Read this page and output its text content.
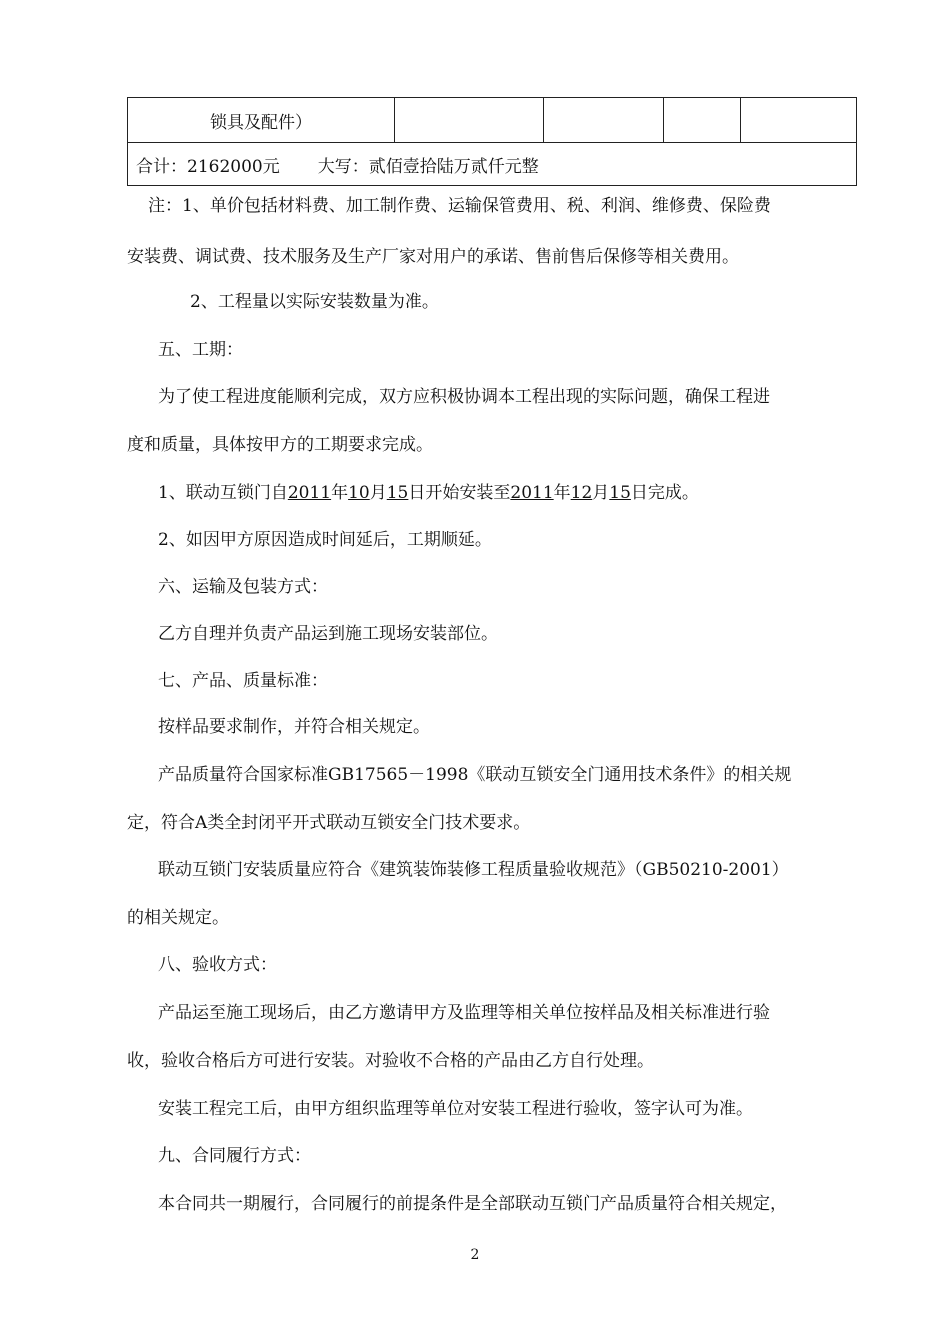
锁具及配件）				
合计：2162000元 大写：贰佰壹拾陆万贰仟元整
注：1、单价包括材料费、加工制作费、运输保管费用、税、利润、维修费、保险费
安装费、调试费、技术服务及生产厂家对用户的承诺、售前售后保修等相关费用。
2、工程量以实际安装数量为准。
五、工期：
为了使工程进度能顺利完成，双方应积极协调本工程出现的实际问题，确保工程进
度和质量，具体按甲方的工期要求完成。
1、联动互锁门自2011年10月15日开始安装至2011年12月15日完成。
2、如因甲方原因造成时间延后，工期顺延。
六、运输及包装方式：
乙方自理并负责产品运到施工现场安装部位。
七、产品、质量标准：
按样品要求制作，并符合相关规定。
产品质量符合国家标准GB17565－1998《联动互锁安全门通用技术条件》的相关规
定，符合A类全封闭平开式联动互锁安全门技术要求。
联动互锁门安装质量应符合《建筑装饰装修工程质量验收规范》（GB50210-2001）
的相关规定。
八、验收方式：
产品运至施工现场后，由乙方邀请甲方及监理等相关单位按样品及相关标准进行验
收，验收合格后方可进行安装。对验收不合格的产品由乙方自行处理。
安装工程完工后，由甲方组织监理等单位对安装工程进行验收，签字认可为准。
九、合同履行方式：
本合同共一期履行，合同履行的前提条件是全部联动互锁门产品质量符合相关规定，
2
